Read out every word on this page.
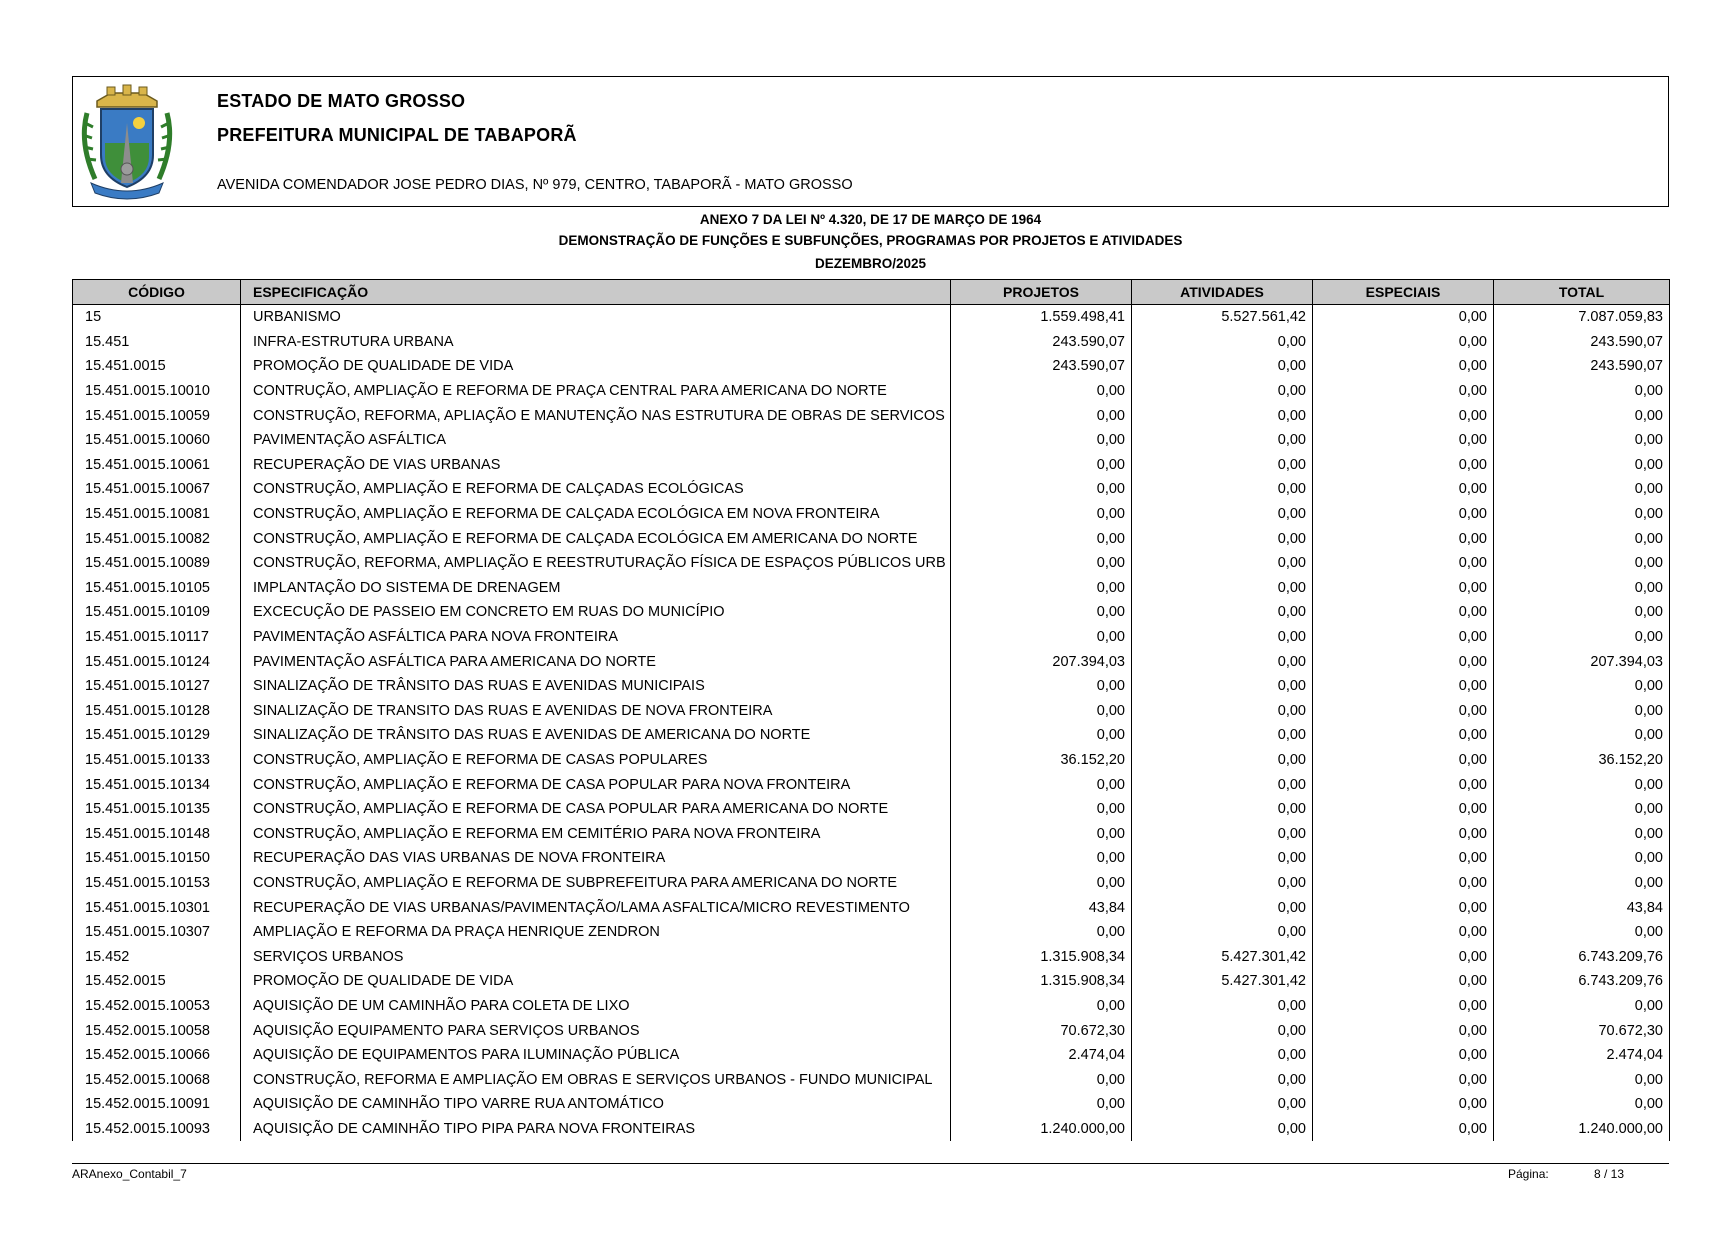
ESTADO DE MATO GROSSO
PREFEITURA MUNICIPAL DE TABAPORÃ
AVENIDA COMENDADOR JOSE PEDRO DIAS, Nº 979, CENTRO, TABAPORÃ - MATO GROSSO
ANEXO 7 DA LEI Nº 4.320, DE 17 DE MARÇO DE 1964
DEMONSTRAÇÃO DE FUNÇÕES E SUBFUNÇÕES, PROGRAMAS POR PROJETOS E ATIVIDADES
DEZEMBRO/2025
CÓDIGO	ESPECIFICAÇÃO	PROJETOS	ATIVIDADES	ESPECIAIS	TOTAL
15	URBANISMO	1.559.498,41	5.527.561,42	0,00	7.087.059,83
15.451	INFRA-ESTRUTURA URBANA	243.590,07	0,00	0,00	243.590,07
15.451.0015	PROMOÇÃO DE QUALIDADE DE VIDA	243.590,07	0,00	0,00	243.590,07
15.451.0015.10010	CONTRUÇÃO, AMPLIAÇÃO E REFORMA DE PRAÇA CENTRAL PARA AMERICANA DO NORTE	0,00	0,00	0,00	0,00
15.451.0015.10059	CONSTRUÇÃO, REFORMA, APLIAÇÃO E MANUTENÇÃO NAS ESTRUTURA DE OBRAS DE SERVICOS	0,00	0,00	0,00	0,00
15.451.0015.10060	PAVIMENTAÇÃO ASFÁLTICA	0,00	0,00	0,00	0,00
15.451.0015.10061	RECUPERAÇÃO DE VIAS URBANAS	0,00	0,00	0,00	0,00
15.451.0015.10067	CONSTRUÇÃO, AMPLIAÇÃO E REFORMA DE CALÇADAS ECOLÓGICAS	0,00	0,00	0,00	0,00
15.451.0015.10081	CONSTRUÇÃO, AMPLIAÇÃO E REFORMA DE CALÇADA ECOLÓGICA EM NOVA FRONTEIRA	0,00	0,00	0,00	0,00
15.451.0015.10082	CONSTRUÇÃO, AMPLIAÇÃO E REFORMA DE CALÇADA ECOLÓGICA EM AMERICANA DO NORTE	0,00	0,00	0,00	0,00
15.451.0015.10089	CONSTRUÇÃO, REFORMA, AMPLIAÇÃO E REESTRUTURAÇÃO FÍSICA DE ESPAÇOS PÚBLICOS URB	0,00	0,00	0,00	0,00
15.451.0015.10105	IMPLANTAÇÃO DO SISTEMA DE DRENAGEM	0,00	0,00	0,00	0,00
15.451.0015.10109	EXCECUÇÃO DE PASSEIO EM CONCRETO EM RUAS DO MUNICÍPIO	0,00	0,00	0,00	0,00
15.451.0015.10117	PAVIMENTAÇÃO ASFÁLTICA PARA NOVA FRONTEIRA	0,00	0,00	0,00	0,00
15.451.0015.10124	PAVIMENTAÇÃO ASFÁLTICA PARA AMERICANA DO NORTE	207.394,03	0,00	0,00	207.394,03
15.451.0015.10127	SINALIZAÇÃO DE TRÂNSITO DAS RUAS E AVENIDAS MUNICIPAIS	0,00	0,00	0,00	0,00
15.451.0015.10128	SINALIZAÇÃO DE TRANSITO DAS RUAS E AVENIDAS DE NOVA FRONTEIRA	0,00	0,00	0,00	0,00
15.451.0015.10129	SINALIZAÇÃO DE TRÂNSITO DAS RUAS E AVENIDAS DE AMERICANA DO NORTE	0,00	0,00	0,00	0,00
15.451.0015.10133	CONSTRUÇÃO, AMPLIAÇÃO E REFORMA DE CASAS POPULARES	36.152,20	0,00	0,00	36.152,20
15.451.0015.10134	CONSTRUÇÃO, AMPLIAÇÃO E REFORMA DE CASA POPULAR PARA NOVA FRONTEIRA	0,00	0,00	0,00	0,00
15.451.0015.10135	CONSTRUÇÃO, AMPLIAÇÃO E REFORMA DE CASA POPULAR PARA AMERICANA DO NORTE	0,00	0,00	0,00	0,00
15.451.0015.10148	CONSTRUÇÃO, AMPLIAÇÃO E REFORMA EM CEMITÉRIO PARA NOVA FRONTEIRA	0,00	0,00	0,00	0,00
15.451.0015.10150	RECUPERAÇÃO DAS VIAS URBANAS DE NOVA FRONTEIRA	0,00	0,00	0,00	0,00
15.451.0015.10153	CONSTRUÇÃO, AMPLIAÇÃO E REFORMA DE SUBPREFEITURA PARA AMERICANA DO NORTE	0,00	0,00	0,00	0,00
15.451.0015.10301	RECUPERAÇÃO DE VIAS URBANAS/PAVIMENTAÇÃO/LAMA ASFALTICA/MICRO REVESTIMENTO	43,84	0,00	0,00	43,84
15.451.0015.10307	AMPLIAÇÃO E REFORMA DA PRAÇA HENRIQUE ZENDRON	0,00	0,00	0,00	0,00
15.452	SERVIÇOS URBANOS	1.315.908,34	5.427.301,42	0,00	6.743.209,76
15.452.0015	PROMOÇÃO DE QUALIDADE DE VIDA	1.315.908,34	5.427.301,42	0,00	6.743.209,76
15.452.0015.10053	AQUISIÇÃO DE UM CAMINHÃO PARA COLETA DE LIXO	0,00	0,00	0,00	0,00
15.452.0015.10058	AQUISIÇÃO EQUIPAMENTO PARA SERVIÇOS URBANOS	70.672,30	0,00	0,00	70.672,30
15.452.0015.10066	AQUISIÇÃO DE EQUIPAMENTOS PARA ILUMINAÇÃO PÚBLICA	2.474,04	0,00	0,00	2.474,04
15.452.0015.10068	CONSTRUÇÃO, REFORMA E AMPLIAÇÃO EM OBRAS E SERVIÇOS URBANOS - FUNDO MUNICIPAL	0,00	0,00	0,00	0,00
15.452.0015.10091	AQUISIÇÃO DE CAMINHÃO TIPO VARRE RUA ANTOMÁTICO	0,00	0,00	0,00	0,00
15.452.0015.10093	AQUISIÇÃO DE CAMINHÃO TIPO PIPA PARA NOVA FRONTEIRAS	1.240.000,00	0,00	0,00	1.240.000,00
ARAnexo_Contabil_7	Página:	8 / 13
